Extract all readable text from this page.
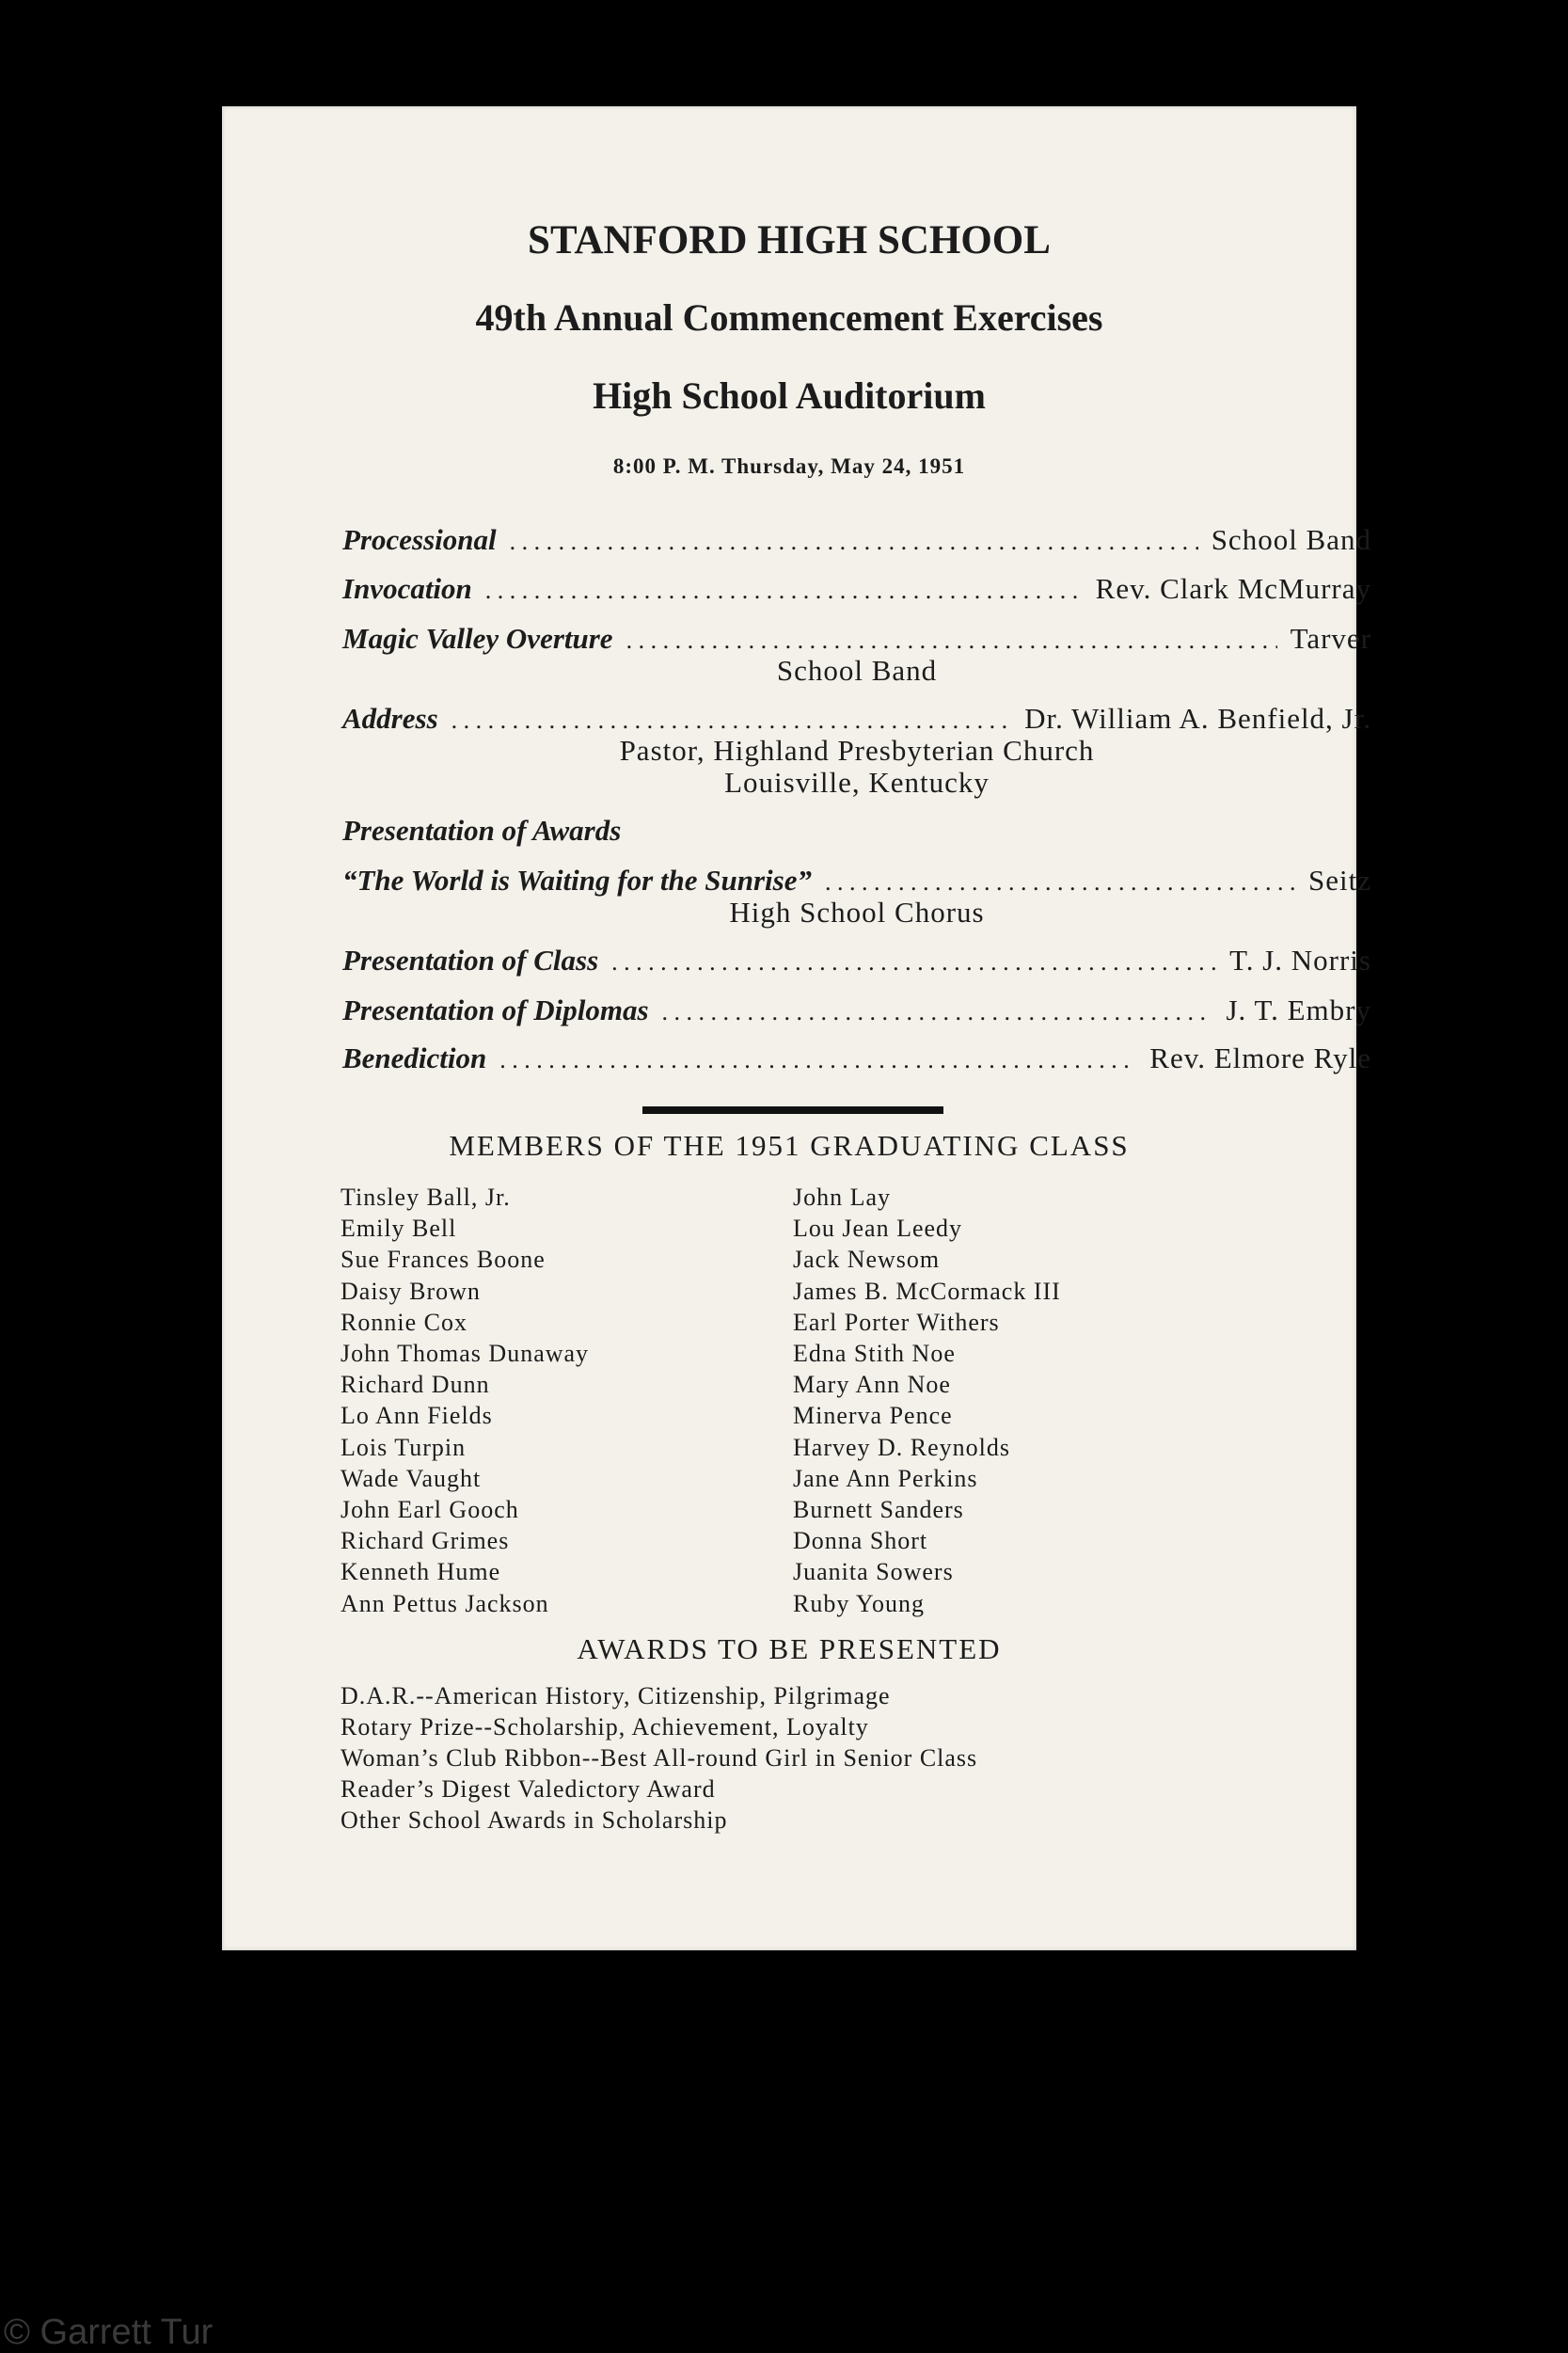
STANFORD HIGH SCHOOL
49th Annual Commencement Exercises
High School Auditorium
8:00 P. M. Thursday, May 24, 1951
Processional . . .	School Band
Invocation . . .	Rev. Clark McMurray
Magic Valley Overture . . .	Tarver
School Band
Address . . .	Dr. William A. Benfield, Jr.
Pastor, Highland Presbyterian Church
Louisville, Kentucky
Presentation of Awards
“The World is Waiting for the Sunrise” . . .	Seitz
High School Chorus
Presentation of Class . . .	T. J. Norris
Presentation of Diplomas . . .	J. T. Embry
Benediction . . .	Rev. Elmore Ryle
MEMBERS OF THE 1951 GRADUATING CLASS
Tinsley Ball, Jr.
Emily Bell
Sue Frances Boone
Daisy Brown
Ronnie Cox
John Thomas Dunaway
Richard Dunn
Lo Ann Fields
Lois Turpin
Wade Vaught
John Earl Gooch
Richard Grimes
Kenneth Hume
Ann Pettus Jackson
John Lay
Lou Jean Leedy
Jack Newsom
James B. McCormack III
Earl Porter Withers
Edna Stith Noe
Mary Ann Noe
Minerva Pence
Harvey D. Reynolds
Jane Ann Perkins
Burnett Sanders
Donna Short
Juanita Sowers
Ruby Young
AWARDS TO BE PRESENTED
D.A.R.--American History, Citizenship, Pilgrimage
Rotary Prize--Scholarship, Achievement, Loyalty
Woman’s Club Ribbon--Best All-round Girl in Senior Class
Reader’s Digest Valedictory Award
Other School Awards in Scholarship
© Garrett Tur
